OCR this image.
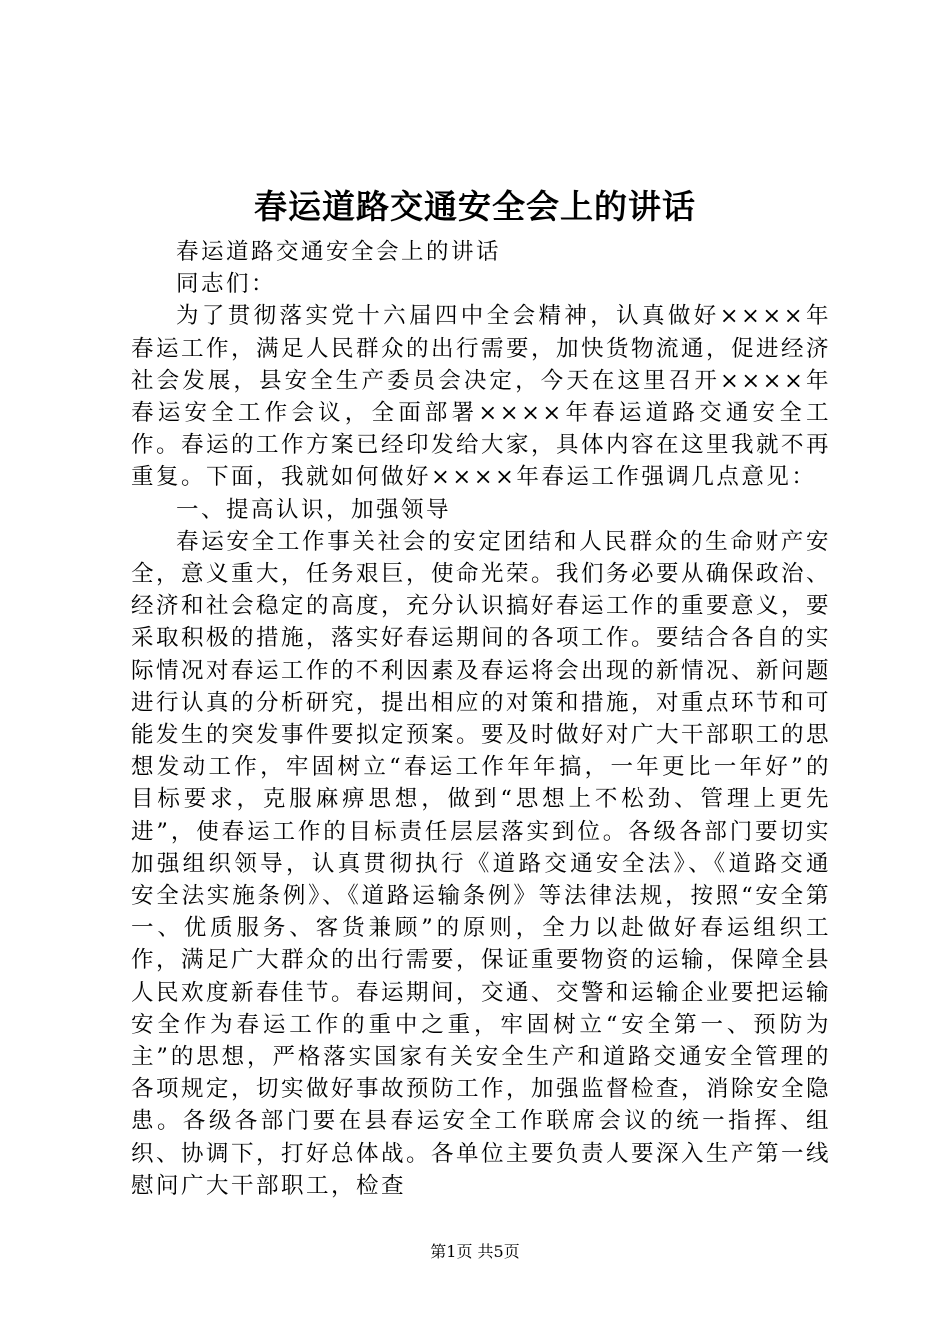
春运道路交通安全会上的讲话

春运道路交通安全会上的讲话

同志们：

为了贯彻落实党十六届四中全会精神，认真做好××××年春运工作，满足人民群众的出行需要，加快货物流通，促进经济社会发展，县安全生产委员会决定，今天在这里召开××××年春运安全工作会议，全面部署××××年春运道路交通安全工作。春运的工作方案已经印发给大家，具体内容在这里我就不再重复。下面，我就如何做好××××年春运工作强调几点意见：

一、提高认识，加强领导

春运安全工作事关社会的安定团结和人民群众的生命财产安全，意义重大，任务艰巨，使命光荣。我们务必要从确保政治、经济和社会稳定的高度，充分认识搞好春运工作的重要意义，要采取积极的措施，落实好春运期间的各项工作。要结合各自的实际情况对春运工作的不利因素及春运将会出现的新情况、新问题进行认真的分析研究，提出相应的对策和措施，对重点环节和可能发生的突发事件要拟定预案。要及时做好对广大干部职工的思想发动工作，牢固树立“春运工作年年搞，一年更比一年好”的目标要求，克服麻痹思想，做到“思想上不松劲、管理上更先进”，使春运工作的目标责任层层落实到位。各级各部门要切实加强组织领导，认真贯彻执行《道路交通安全法》、《道路交通安全法实施条例》、《道路运输条例》等法律法规，按照“安全第一、优质服务、客货兼顾”的原则，全力以赴做好春运组织工作，满足广大群众的出行需要，保证重要物资的运输，保障全县人民欢度新春佳节。春运期间，交通、交警和运输企业要把运输安全作为春运工作的重中之重，牢固树立“安全第一、预防为主”的思想，严格落实国家有关安全生产和道路交通安全管理的各项规定，切实做好事故预防工作，加强监督检查，消除安全隐患。各级各部门要在县春运安全工作联席会议的统一指挥、组织、协调下，打好总体战。各单位主要负责人要深入生产第一线慰问广大干部职工，检查

第1页 共5页
